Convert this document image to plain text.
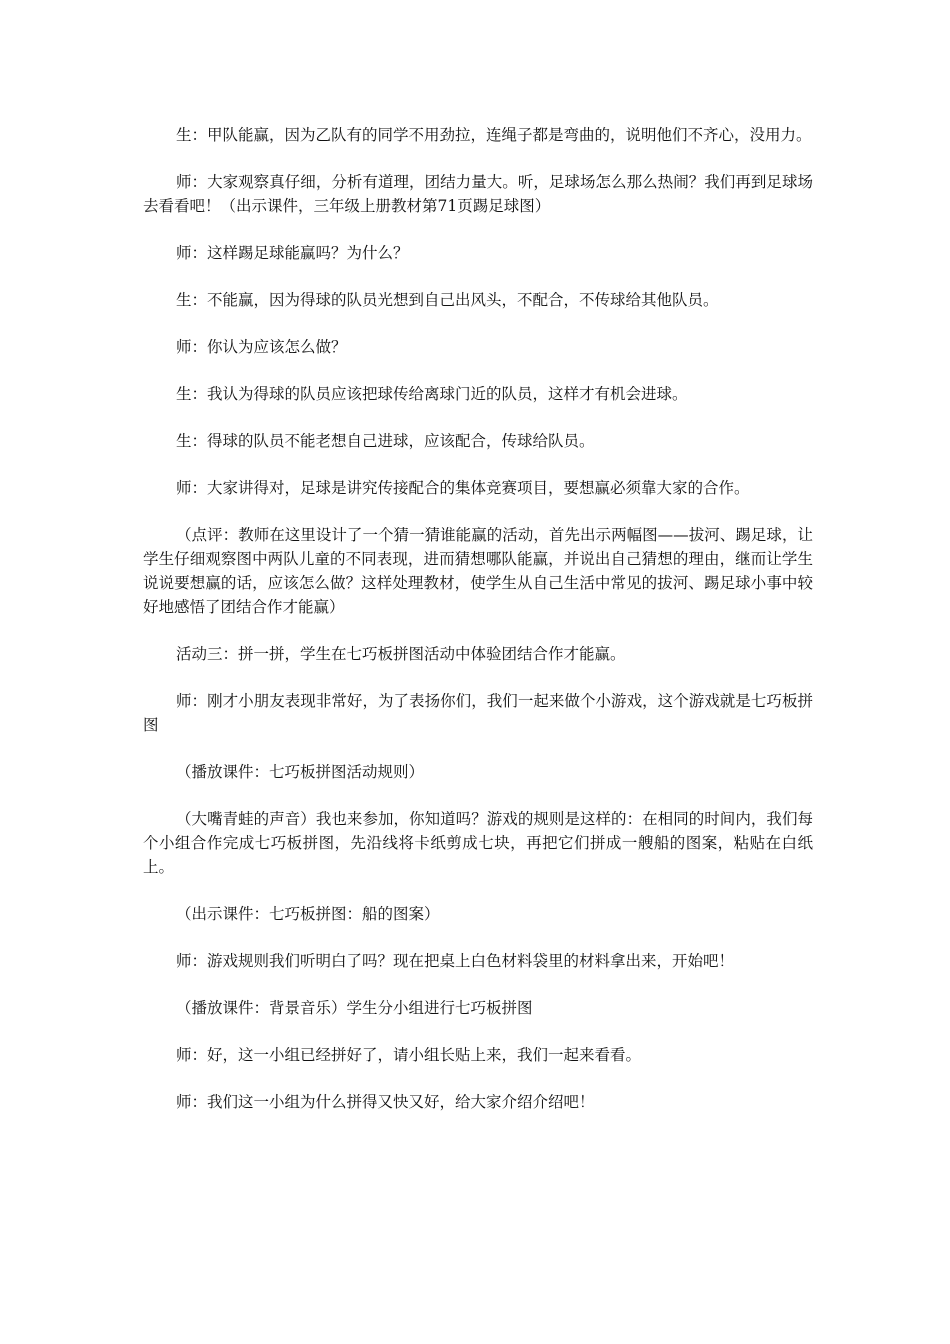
生：甲队能赢，因为乙队有的同学不用劲拉，连绳子都是弯曲的，说明他们不齐心，没用力。

师：大家观察真仔细，分析有道理，团结力量大。听，足球场怎么那么热闹？我们再到足球场去看看吧！（出示课件，三年级上册教材第71页踢足球图）

师：这样踢足球能赢吗？为什么？

生：不能赢，因为得球的队员光想到自己出风头，不配合，不传球给其他队员。

师：你认为应该怎么做？

生：我认为得球的队员应该把球传给离球门近的队员，这样才有机会进球。

生：得球的队员不能老想自己进球，应该配合，传球给队员。

师：大家讲得对，足球是讲究传接配合的集体竞赛项目，要想赢必须靠大家的合作。

（点评：教师在这里设计了一个猜一猜谁能赢的活动，首先出示两幅图——拔河、踢足球，让学生仔细观察图中两队儿童的不同表现，进而猜想哪队能赢，并说出自己猜想的理由，继而让学生说说要想赢的话，应该怎么做？这样处理教材，使学生从自己生活中常见的拔河、踢足球小事中较好地感悟了团结合作才能赢）

活动三：拼一拼，学生在七巧板拼图活动中体验团结合作才能赢。

师：刚才小朋友表现非常好，为了表扬你们，我们一起来做个小游戏，这个游戏就是七巧板拼图

（播放课件：七巧板拼图活动规则）

（大嘴青蛙的声音）我也来参加，你知道吗？游戏的规则是这样的：在相同的时间内，我们每个小组合作完成七巧板拼图，先沿线将卡纸剪成七块，再把它们拼成一艘船的图案，粘贴在白纸上。

（出示课件：七巧板拼图：船的图案）

师：游戏规则我们听明白了吗？现在把桌上白色材料袋里的材料拿出来，开始吧！

（播放课件：背景音乐）学生分小组进行七巧板拼图

师：好，这一小组已经拼好了，请小组长贴上来，我们一起来看看。

师：我们这一小组为什么拼得又快又好，给大家介绍介绍吧！
